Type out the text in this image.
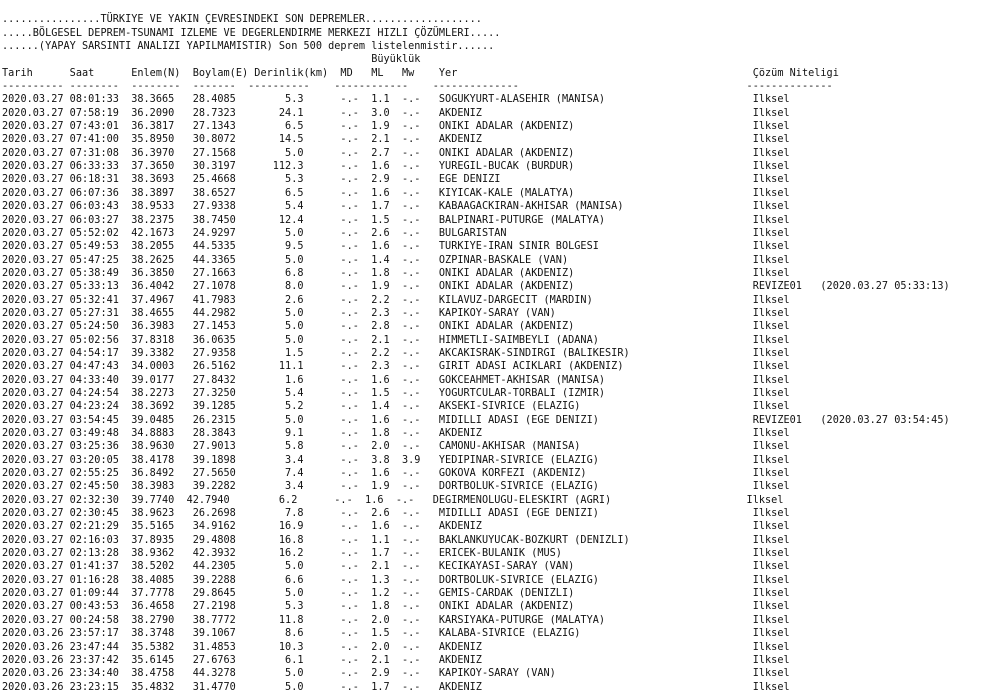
................TÜRKIYE VE YAKIN ÇEVRESINDEKI SON DEPREMLER...................
.....BÖLGESEL DEPREM-TSUNAMI IZLEME VE DEGERLENDIRME MERKEZI HIZLI ÇÖZÜMLERI.....
......(YAPAY SARSINTI ANALIZI YAPILMAMISTIR) Son 500 deprem listelenmistir......
Büyüklük
Tarih      Saat      Enlem(N)  Boylam(E) Derinlik(km)  MD   ML   Mw    Yer                                                Çözüm Niteligi
---------- --------  --------  -------  ----------    ------------    --------------                                     --------------
2020.03.27 08:01:33  38.3665   28.4085        5.3      -.-  1.1  -.-   SOGUKYURT-ALASEHIR (MANISA)                        Ilksel
2020.03.27 07:58:19  36.2090   28.7323       24.1      -.-  3.0  -.-   AKDENIZ                                            Ilksel
2020.03.27 07:43:01  36.3817   27.1343        6.5      -.-  1.9  -.-   ONIKI ADALAR (AKDENIZ)                             Ilksel
2020.03.27 07:41:00  35.8950   30.8072       14.5      -.-  2.1  -.-   AKDENIZ                                            Ilksel
2020.03.27 07:31:08  36.3970   27.1568        5.0      -.-  2.7  -.-   ONIKI ADALAR (AKDENIZ)                             Ilksel
2020.03.27 06:33:33  37.3650   30.3197      112.3      -.-  1.6  -.-   YUREGIL-BUCAK (BURDUR)                             Ilksel
2020.03.27 06:18:31  38.3693   25.4668        5.3      -.-  2.9  -.-   EGE DENIZI                                         Ilksel
2020.03.27 06:07:36  38.3897   38.6527        6.5      -.-  1.6  -.-   KIYICAK-KALE (MALATYA)                             Ilksel
2020.03.27 06:03:43  38.9533   27.9338        5.4      -.-  1.7  -.-   KABAAGACKIRAN-AKHISAR (MANISA)                     Ilksel
2020.03.27 06:03:27  38.2375   38.7450       12.4      -.-  1.5  -.-   BALPINARI-PUTURGE (MALATYA)                        Ilksel
2020.03.27 05:52:02  42.1673   24.9297        5.0      -.-  2.6  -.-   BULGARISTAN                                        Ilksel
2020.03.27 05:49:53  38.2055   44.5335        9.5      -.-  1.6  -.-   TURKIYE-IRAN SINIR BOLGESI                         Ilksel
2020.03.27 05:47:25  38.2625   44.3365        5.0      -.-  1.4  -.-   OZPINAR-BASKALE (VAN)                              Ilksel
2020.03.27 05:38:49  36.3850   27.1663        6.8      -.-  1.8  -.-   ONIKI ADALAR (AKDENIZ)                             Ilksel
2020.03.27 05:33:13  36.4042   27.1078        8.0      -.-  1.9  -.-   ONIKI ADALAR (AKDENIZ)                             REVIZE01   (2020.03.27 05:33:13)
2020.03.27 05:32:41  37.4967   41.7983        2.6      -.-  2.2  -.-   KILAVUZ-DARGECIT (MARDIN)                          Ilksel
2020.03.27 05:27:31  38.4655   44.2982        5.0      -.-  2.3  -.-   KAPIKOY-SARAY (VAN)                                Ilksel
2020.03.27 05:24:50  36.3983   27.1453        5.0      -.-  2.8  -.-   ONIKI ADALAR (AKDENIZ)                             Ilksel
2020.03.27 05:02:56  37.8318   36.0635        5.0      -.-  2.1  -.-   HIMMETLI-SAIMBEYLI (ADANA)                         Ilksel
2020.03.27 04:54:17  39.3382   27.9358        1.5      -.-  2.2  -.-   AKCAKISRAK-SINDIRGI (BALIKESIR)                    Ilksel
2020.03.27 04:47:43  34.0003   26.5162       11.1      -.-  2.3  -.-   GIRIT ADASI ACIKLARI (AKDENIZ)                     Ilksel
2020.03.27 04:33:40  39.0177   27.8432        1.6      -.-  1.6  -.-   GOKCEAHMET-AKHISAR (MANISA)                        Ilksel
2020.03.27 04:24:54  38.2273   27.3250        5.4      -.-  1.5  -.-   YOGURTCULAR-TORBALI (IZMIR)                        Ilksel
2020.03.27 04:23:24  38.3692   39.1285        5.2      -.-  1.4  -.-   AKSEKI-SIVRICE (ELAZIG)                            Ilksel
2020.03.27 03:54:45  39.0485   26.2315        5.0      -.-  1.6  -.-   MIDILLI ADASI (EGE DENIZI)                         REVIZE01   (2020.03.27 03:54:45)
2020.03.27 03:49:48  34.8883   28.3843        9.1      -.-  1.8  -.-   AKDENIZ                                            Ilksel
2020.03.27 03:25:36  38.9630   27.9013        5.8      -.-  2.0  -.-   CAMONU-AKHISAR (MANISA)                            Ilksel
2020.03.27 03:20:05  38.4178   39.1898        3.4      -.-  3.8  3.9   YEDIPINAR-SIVRICE (ELAZIG)                         Ilksel
2020.03.27 02:55:25  36.8492   27.5650        7.4      -.-  1.6  -.-   GOKOVA KORFEZI (AKDENIZ)                           Ilksel
2020.03.27 02:45:50  38.3983   39.2282        3.4      -.-  1.9  -.-   DORTBOLUK-SIVRICE (ELAZIG)                         Ilksel
2020.03.27 02:32:30  39.7740  42.7940        6.2      -.-  1.6  -.-   DEGIRMENOLUGU-ELESKIRT (AGRI)                      Ilksel
2020.03.27 02:30:45  38.9623   26.2698        7.8      -.-  2.6  -.-   MIDILLI ADASI (EGE DENIZI)                         Ilksel
2020.03.27 02:21:29  35.5165   34.9162       16.9      -.-  1.6  -.-   AKDENIZ                                            Ilksel
2020.03.27 02:16:03  37.8935   29.4808       16.8      -.-  1.1  -.-   BAKLANKUYUCAK-BOZKURT (DENIZLI)                    Ilksel
2020.03.27 02:13:28  38.9362   42.3932       16.2      -.-  1.7  -.-   ERICEK-BULANIK (MUS)                               Ilksel
2020.03.27 01:41:37  38.5202   44.2305        5.0      -.-  2.1  -.-   KECIKAYASI-SARAY (VAN)                             Ilksel
2020.03.27 01:16:28  38.4085   39.2288        6.6      -.-  1.3  -.-   DORTBOLUK-SIVRICE (ELAZIG)                         Ilksel
2020.03.27 01:09:44  37.7778   29.8645        5.0      -.-  1.2  -.-   GEMIS-CARDAK (DENIZLI)                             Ilksel
2020.03.27 00:43:53  36.4658   27.2198        5.3      -.-  1.8  -.-   ONIKI ADALAR (AKDENIZ)                             Ilksel
2020.03.27 00:24:58  38.2790   38.7772       11.8      -.-  2.0  -.-   KARSIYAKA-PUTURGE (MALATYA)                        Ilksel
2020.03.26 23:57:17  38.3748   39.1067        8.6      -.-  1.5  -.-   KALABA-SIVRICE (ELAZIG)                            Ilksel
2020.03.26 23:47:44  35.5382   31.4853       10.3      -.-  2.0  -.-   AKDENIZ                                            Ilksel
2020.03.26 23:37:42  35.6145   27.6763        6.1      -.-  2.1  -.-   AKDENIZ                                            Ilksel
2020.03.26 23:34:40  38.4758   44.3278        5.0      -.-  2.9  -.-   KAPIKOY-SARAY (VAN)                                Ilksel
2020.03.26 23:23:15  35.4832   31.4770        5.0      -.-  1.7  -.-   AKDENIZ                                            Ilksel
